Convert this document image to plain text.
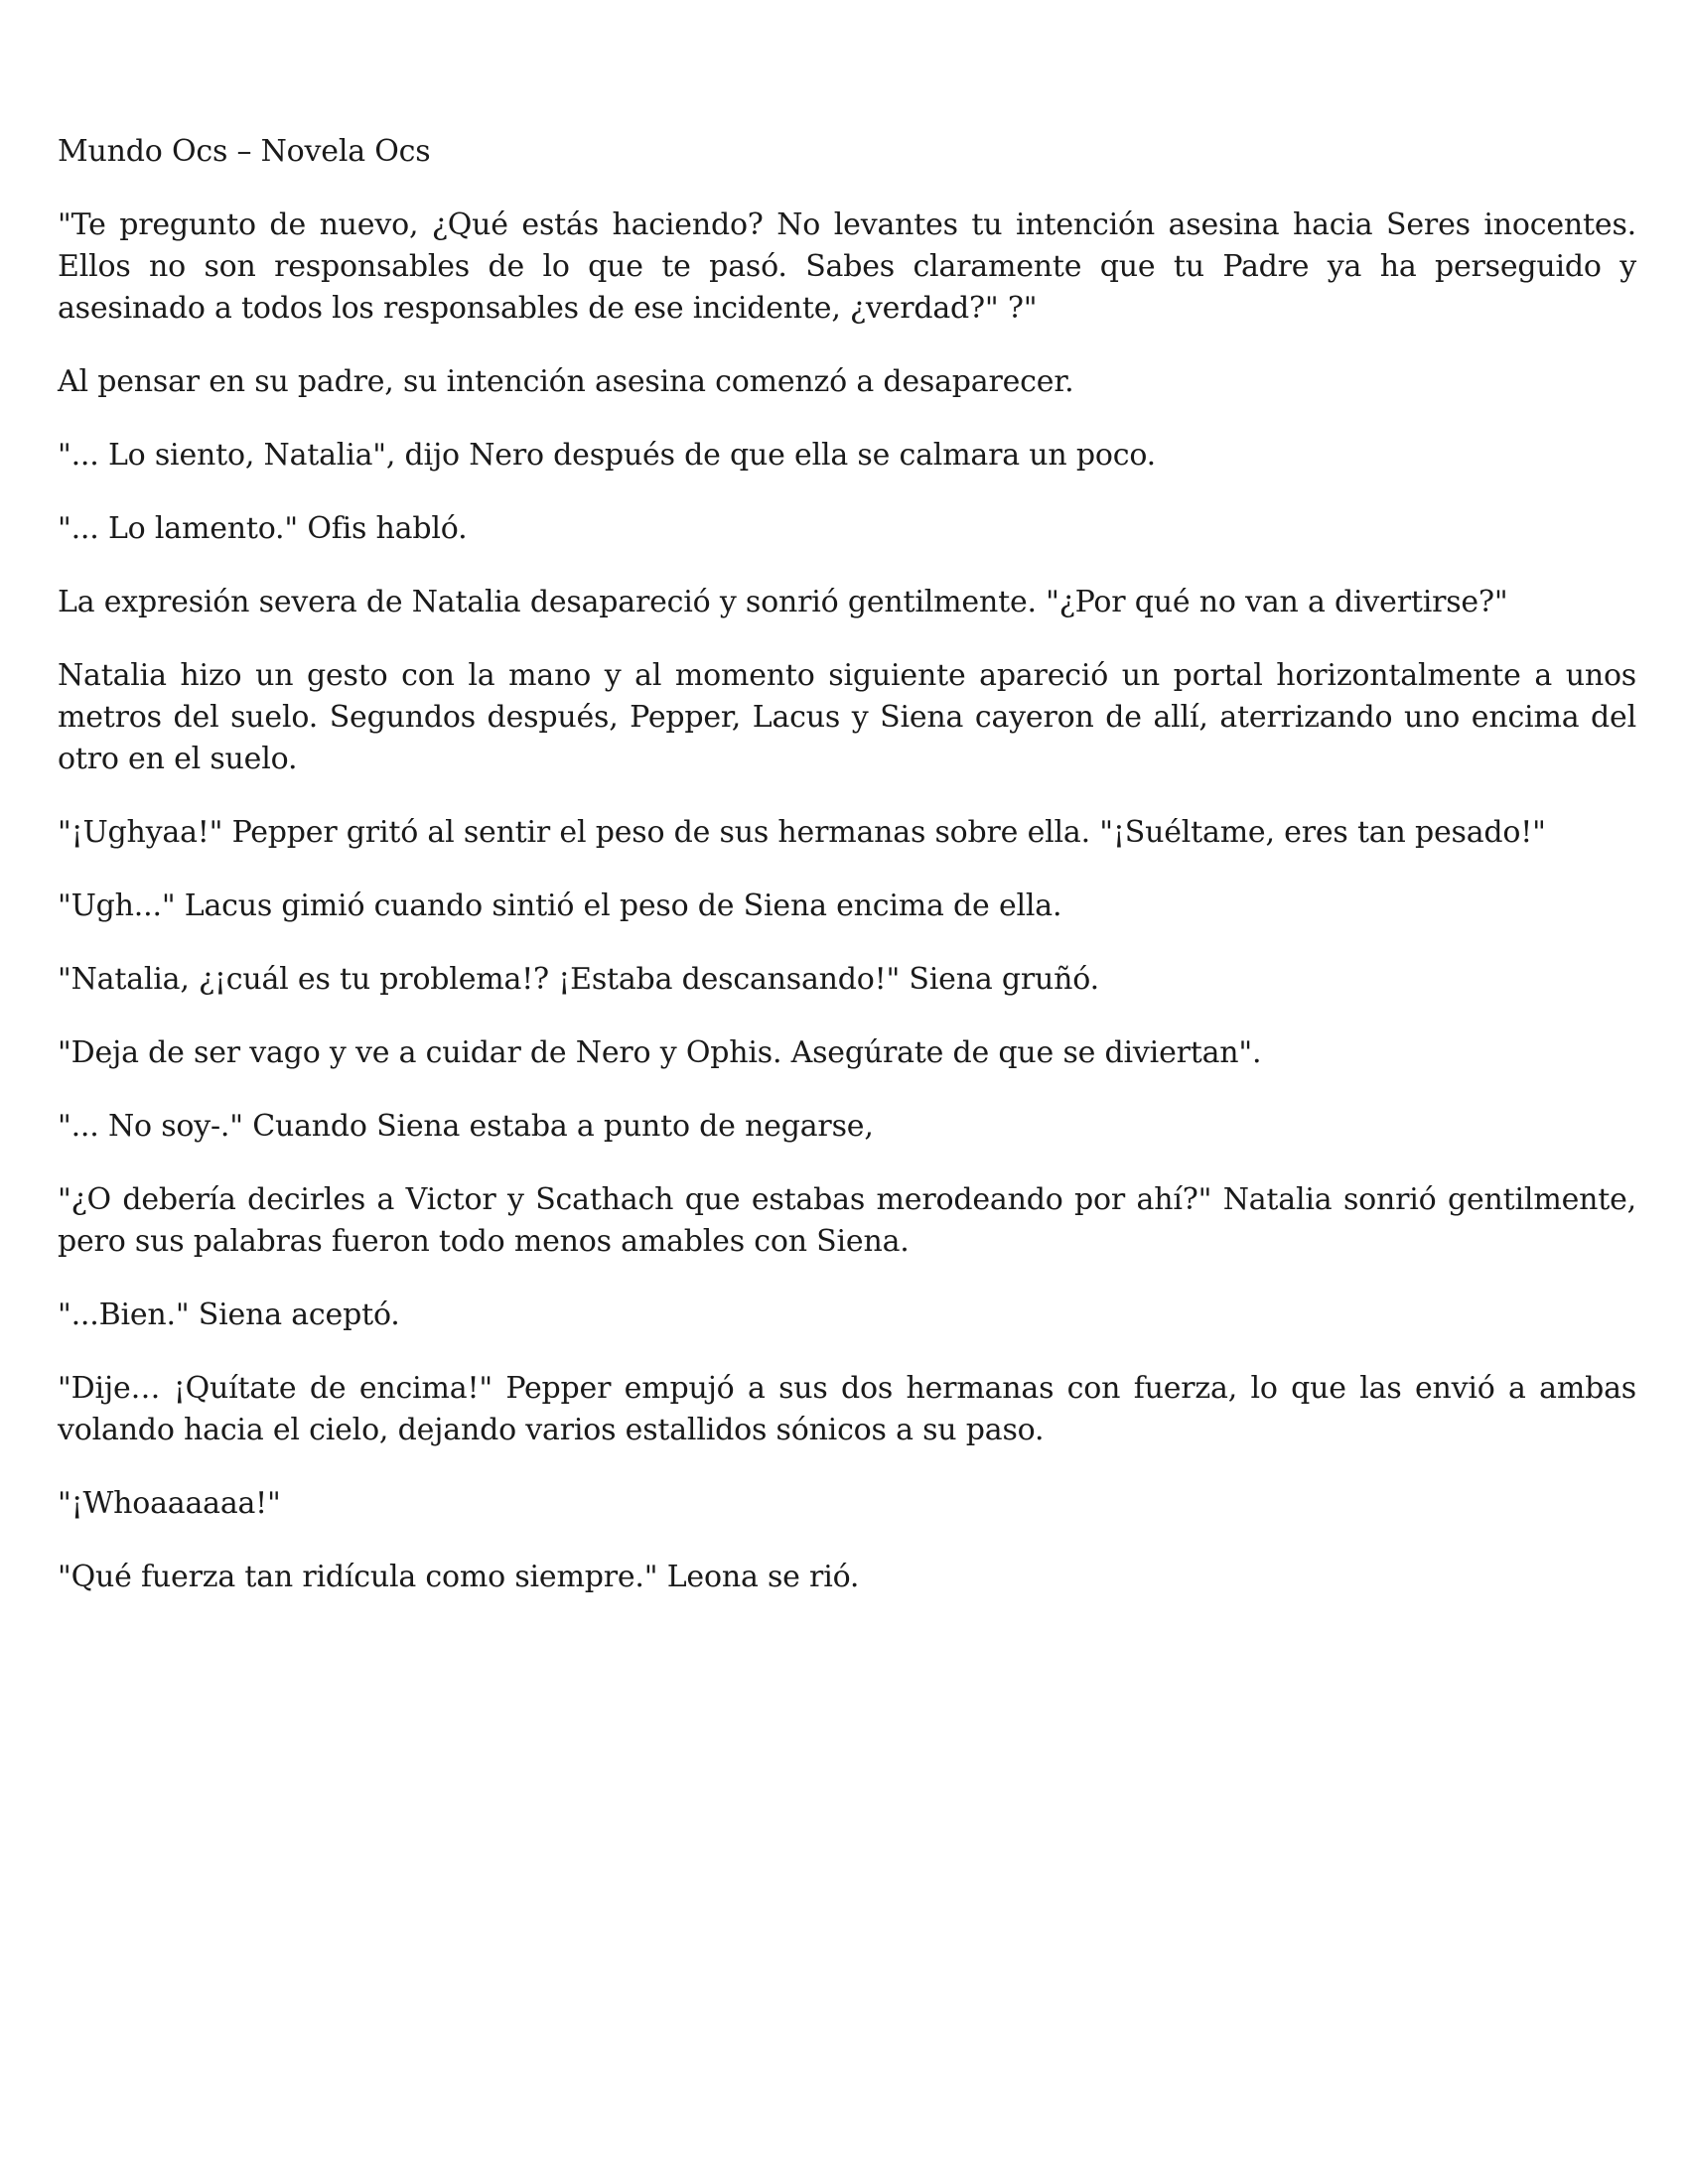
Mundo Ocs – Novela Ocs

"Te pregunto de nuevo, ¿Qué estás haciendo? No levantes tu intención asesina hacia Seres inocentes. Ellos no son responsables de lo que te pasó. Sabes claramente que tu Padre ya ha perseguido y asesinado a todos los responsables de ese incidente, ¿verdad?" ?"

Al pensar en su padre, su intención asesina comenzó a desaparecer.

"... Lo siento, Natalia", dijo Nero después de que ella se calmara un poco.

"... Lo lamento." Ofis habló.

La expresión severa de Natalia desapareció y sonrió gentilmente. "¿Por qué no van a divertirse?"

Natalia hizo un gesto con la mano y al momento siguiente apareció un portal horizontalmente a unos metros del suelo. Segundos después, Pepper, Lacus y Siena cayeron de allí, aterrizando uno encima del otro en el suelo.

"¡Ughyaa!" Pepper gritó al sentir el peso de sus hermanas sobre ella. "¡Suéltame, eres tan pesado!"

"Ugh..." Lacus gimió cuando sintió el peso de Siena encima de ella.

"Natalia, ¿¡cuál es tu problema!? ¡Estaba descansando!" Siena gruñó.

"Deja de ser vago y ve a cuidar de Nero y Ophis. Asegúrate de que se diviertan".

"... No soy-." Cuando Siena estaba a punto de negarse,

"¿O debería decirles a Victor y Scathach que estabas merodeando por ahí?" Natalia sonrió gentilmente, pero sus palabras fueron todo menos amables con Siena.

"...Bien." Siena aceptó.

"Dije… ¡Quítate de encima!" Pepper empujó a sus dos hermanas con fuerza, lo que las envió a ambas volando hacia el cielo, dejando varios estallidos sónicos a su paso.

"¡Whoaaaaaa!"

"Qué fuerza tan ridícula como siempre." Leona se rió.
